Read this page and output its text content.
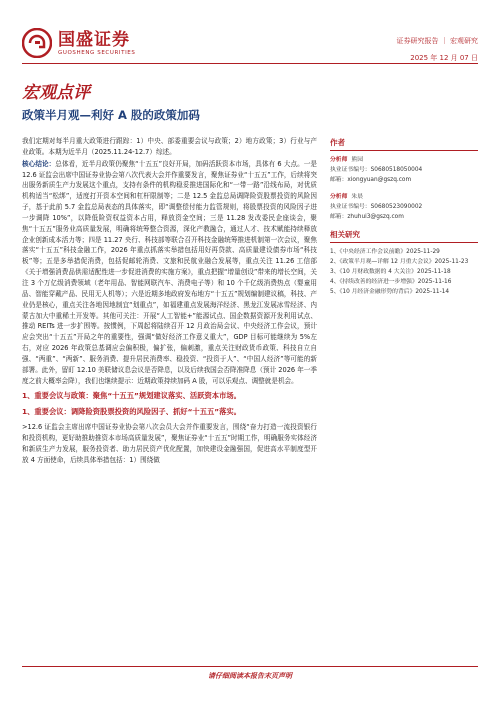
国盛证券
GUOSHENG SECURITIES
证券研究报告 ｜ 宏观研究
2025 年 12 月 07 日
宏观点评
政策半月观—利好 A 股的政策加码

我们定期对每半月重大政策进行跟踪：1）中央、部委重要会议与政策；2）地方政策；3）行业与产业政策。本期为近半月（2025.11.24-12.7）综述。

核心结论：总体看，近半月政策仍聚焦“十五五”良好开局，加码活跃资本市场，具体有 6 大点。一是 12.6 证监会出席中国证券业协会第八次代表大会并作重要发言，聚焦证券业“十五五”工作，后续将突出服务新质生产力发展这个重点，支持有条件的机构稳妥推进国际化和“一带一路”沿线布局，对优质机构适当“松绑”，适度打开资本空间和杠杆限制等；二是 12.5 金监总局调降险资股票投资的风险因子，基于此前 5.7 金监总局表态的具体落实，即“调整偿付能力监管规则，将股票投资的风险因子进一步调降 10%”，以降低险资权益资本占用，释放资金空间；三是 11.28 发改委民企座谈会，聚焦“十五五”服务业高质量发展，明确将统筹整合资源，深化产教融合，通过人才、技术赋能持续释放企业创新成本活力等；四是 11.27 央行、科技部等联合召开科技金融统筹推进机制第一次会议，聚焦落实“十五五”科技金融工作，2026 年重点抓落实举措包括用好再贷款、高质量建设债券市场“科技板”等；五是多举措促消费，包括促邮轮消费、文旅和民航业融合发展等，重点关注 11.26 工信部《关于增强消费品供需适配性进一步促进消费的实施方案》，重点把握“增量创设”带来的增长空间，关注 3 个万亿级消费领域（老年用品、智能网联汽车、消费电子等）和 10 个千亿级消费热点（婴童用品、智能穿戴产品、民用无人机等）；六是近期多地政府发布地方“十五五”规划编制建议稿，科技、产业仍是核心，重点关注各地因地制宜“划重点”，如福建重点发展海洋经济、黑龙江发展冰雪经济、内蒙古加大中重稀土开发等。其他可关注：开展“人工智能+”能源试点、国企数据资源开发利用试点、推动 REITs 进一步扩围等。按惯例，下周起将陆续召开 12 月政治局会议、中央经济工作会议，预计应会突出“十五五”开局之年的重要性，强调“做好经济工作意义重大”，GDP 目标可能继续为 5%左右，对应 2026 年政策总基调应会偏积极，偏扩张，偏刺激，重点关注财政货币政策、科技自立自强、“两重”、“两新”、服务消费、提升居民消费率、稳投资、“投资于人”、“中国人经济”等可能的新部署。此外，留盯 12.10 美联储议息会议是否降息，以及后续我国会否降准降息（预计 2026 年一季度之前大概率会降），我们也继续提示：近期政策持续加码 A 股，可以乐观点、调整就是机会。

1、重要会议与政策：聚焦“十五五”规划建议落实、活跃资本市场。

1、重要会议：调降险资股票投资的风险因子、抓好“十五五”落实。

>12.6 证监会主席出席中国证券业协会第八次会员大会并作重要发言，围绕“奋力打造一流投资银行和投资机构，更好助推助推资本市场高质量发展”，聚焦证券业“十五五”时期工作，明确服务实体经济和新质生产力发展，服务投资者、助力居民资产优化配置，加快建设金融强国，促进高水平制度型开放 4 方面使命，后续具体举措包括：1）围绕做

作者
分析师 熊园
执业证书编号：S0680518050004
邮箱：xiongyuan@gszq.com
分析师 朱晨
执业证书编号：S0680523090002
邮箱：zhuhui3@gszq.com
相关研究
1、《中央经济工作会议前瞻》2025-11-29
2、《政策半月观—详解 12 月重大会议》2025-11-23
3、《10 月财政数据的 4 大关注》2025-11-18
4、《持续改善的经济进一步增强》2025-11-16
5、《10 月经济金融形势的背后》2025-11-14
请仔细阅读本报告末页声明
